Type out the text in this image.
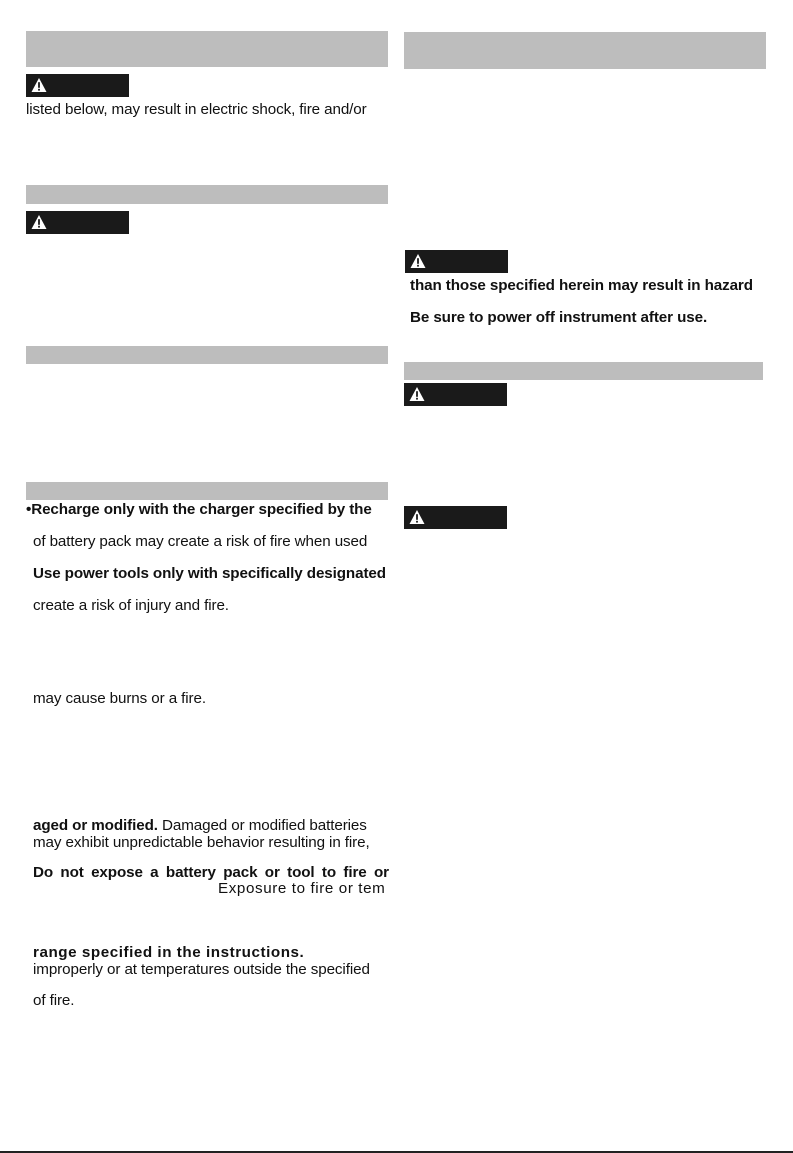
listed below, may result in electric shock, fire and/or
•Recharge only with the charger specified by the
of battery pack may create a risk of fire when used
Use power tools only with specifically designated
create a risk of injury and fire.
may cause burns or a fire.
aged or modified. Damaged or modified batteries
may exhibit unpredictable behavior resulting in fire,
Do not expose a battery pack or tool to fire or
Exposure to fire or tem
range specified in the instructions.
improperly or at temperatures outside the specified
of fire.
than those specified herein may result in hazard
Be sure to power off instrument after use.
